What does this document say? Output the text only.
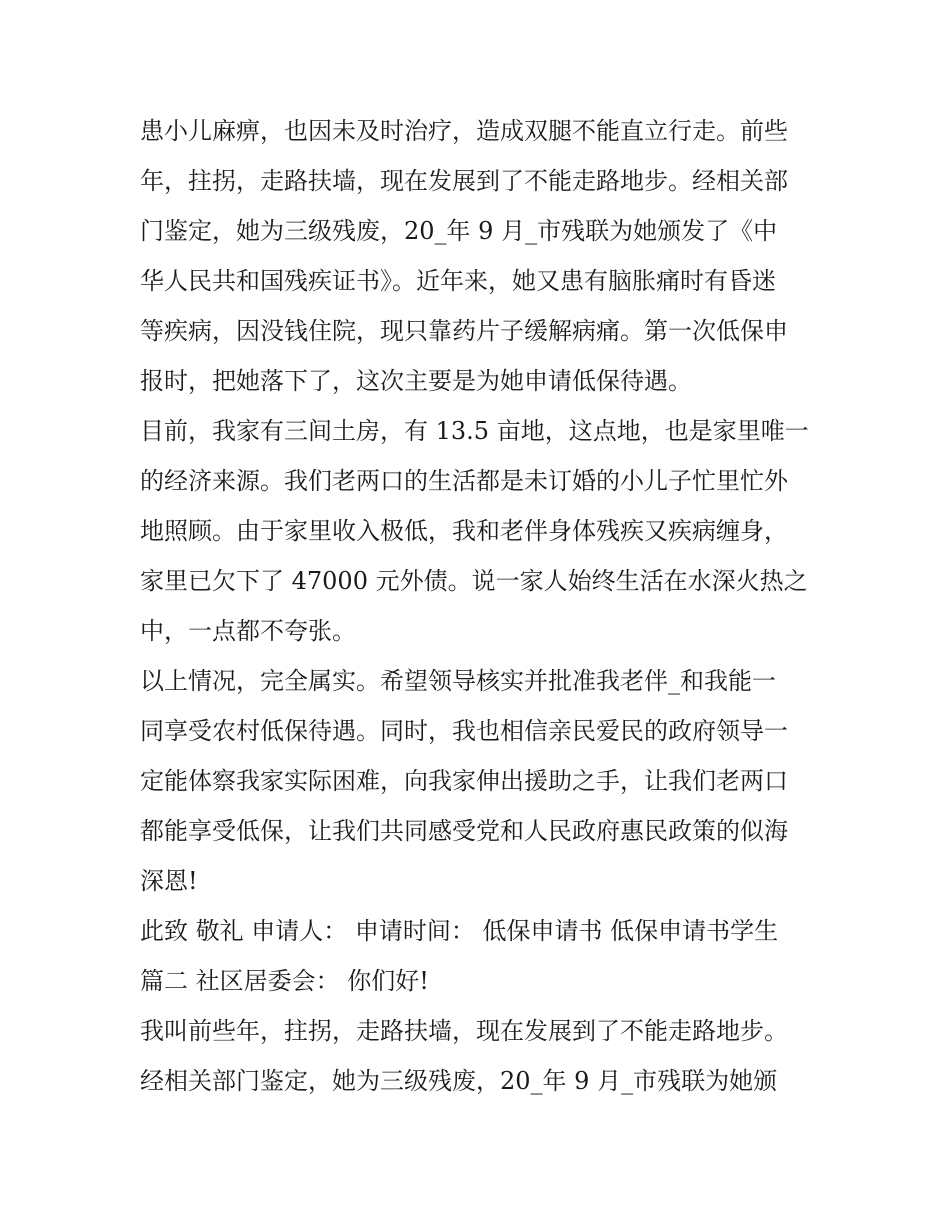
患小儿麻痹，也因未及时治疗，造成双腿不能直立行走。前些
年，拄拐，走路扶墙，现在发展到了不能走路地步。经相关部
门鉴定，她为三级残废，20_年 9 月_市残联为她颁发了《中
华人民共和国残疾证书》。近年来，她又患有脑胀痛时有昏迷
等疾病，因没钱住院，现只靠药片子缓解病痛。第一次低保申
报时，把她落下了，这次主要是为她申请低保待遇。
目前，我家有三间土房，有 13.5 亩地，这点地，也是家里唯一
的经济来源。我们老两口的生活都是未订婚的小儿子忙里忙外
地照顾。由于家里收入极低，我和老伴身体残疾又疾病缠身，
家里已欠下了 47000 元外债。说一家人始终生活在水深火热之
中，一点都不夸张。
以上情况，完全属实。希望领导核实并批准我老伴_和我能一
同享受农村低保待遇。同时，我也相信亲民爱民的政府领导一
定能体察我家实际困难，向我家伸出援助之手，让我们老两口
都能享受低保，让我们共同感受党和人民政府惠民政策的似海
深恩!
此致 敬礼 申请人： 申请时间： 低保申请书 低保申请书学生
篇二 社区居委会： 你们好!
我叫前些年，拄拐，走路扶墙，现在发展到了不能走路地步。
经相关部门鉴定，她为三级残废，20_年 9 月_市残联为她颁
